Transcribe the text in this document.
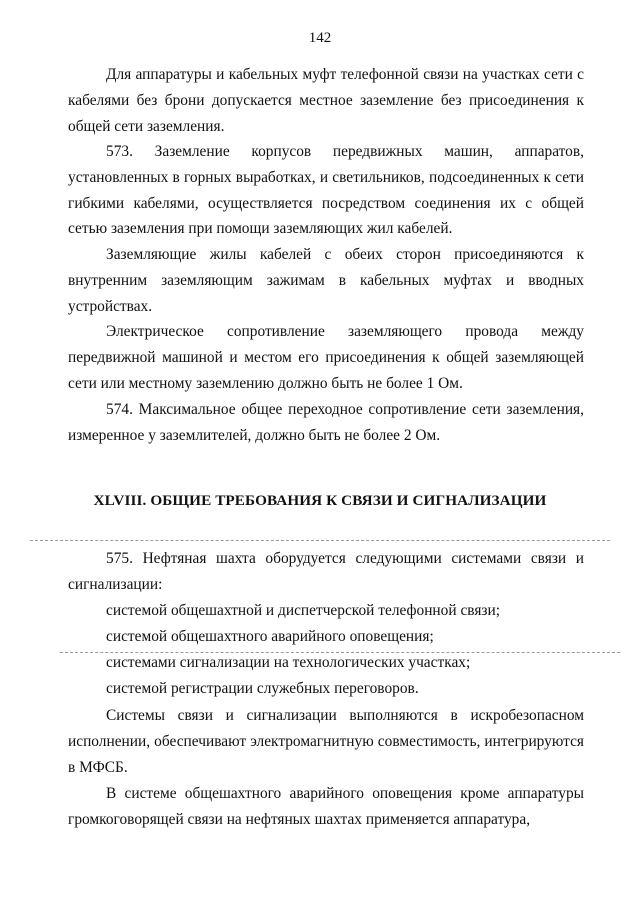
142

Для аппаратуры и кабельных муфт телефонной связи на участках сети с кабелями без брони допускается местное заземление без присоединения к общей сети заземления.

573. Заземление корпусов передвижных машин, аппаратов, установленных в горных выработках, и светильников, подсоединенных к сети гибкими кабелями, осуществляется посредством соединения их с общей сетью заземления при помощи заземляющих жил кабелей.

Заземляющие жилы кабелей с обеих сторон присоединяются к внутренним заземляющим зажимам в кабельных муфтах и вводных устройствах.

Электрическое сопротивление заземляющего провода между передвижной машиной и местом его присоединения к общей заземляющей сети или местному заземлению должно быть не более 1 Ом.

574. Максимальное общее переходное сопротивление сети заземления, измеренное у заземлителей, должно быть не более 2 Ом.

XLVIII. ОБЩИЕ ТРЕБОВАНИЯ К СВЯЗИ И СИГНАЛИЗАЦИИ

575. Нефтяная шахта оборудуется следующими системами связи и сигнализации:

системой общешахтной и диспетчерской телефонной связи;

системой общешахтного аварийного оповещения;

системами сигнализации на технологических участках;

системой регистрации служебных переговоров.

Системы связи и сигнализации выполняются в искробезопасном исполнении, обеспечивают электромагнитную совместимость, интегрируются в МФСБ.

В системе общешахтного аварийного оповещения кроме аппаратуры громкоговорящей связи на нефтяных шахтах применяется аппаратура,
